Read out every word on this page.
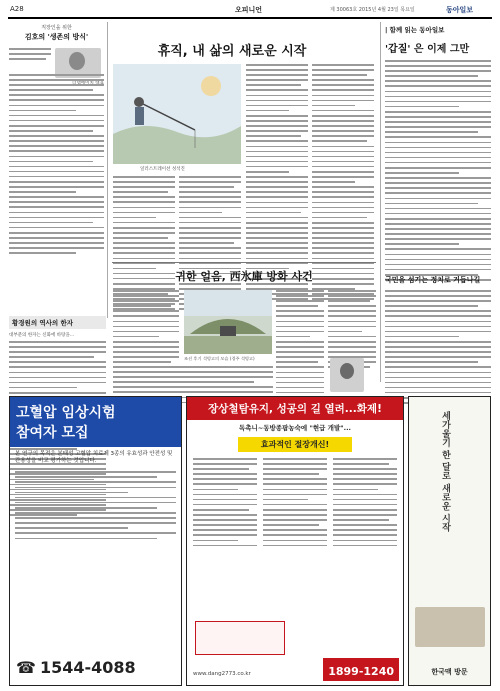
A28	오피니언	제 30063호 2015년 4월 23일 목요일	동아일보
직장인을 위한
김호의 '생존의 방식'
황경원의 역사의 한자
대부분의 한자는 신화에 바탕을...
휴직, 내 삶의 새로운 시작
일러스트레이션 성석진
| 함께 읽는 동아일보
'갑질' 은 이제 그만
귀한 얼음, 西氷庫 방화 사건
조선 후기 석빙고의 모습 (경주 석빙고)
국민을 섬기는 정치로 거듭나길
고혈압 임상시험
참여자 모집
본 연구의 목적은 본태성 고혈압 치료제 3종의 유효성과 안전성 및 관용성을 비교 평가하는 것입니다.
☎ 1544-4088
장상철탐유지, 성공의 길 열려...화제!
독촉니~동방종팜농숙에 "현급 개발"...
효과적인 절장개신!
www.dang2773.co.kr	1899-1240
세가울기 한 달로 새로운 시작
한국맥 방문
